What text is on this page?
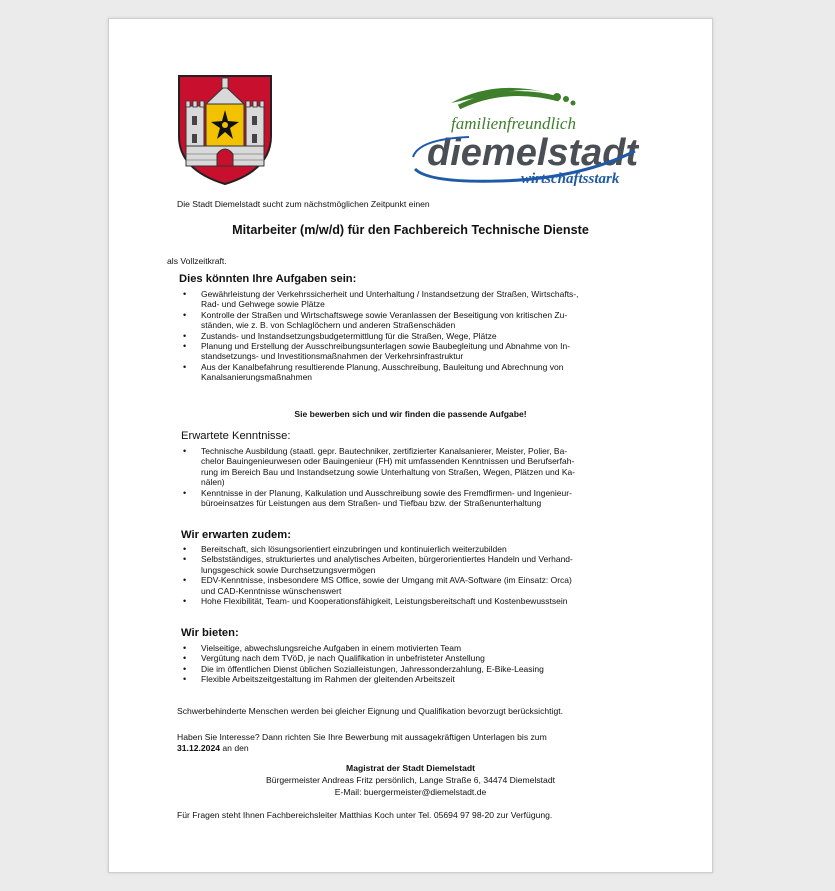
familienfreundlich
diemelstadt
wirtschaftsstark
Die Stadt Diemelstadt sucht zum nächstmöglichen Zeitpunkt einen
Mitarbeiter (m/w/d) für den Fachbereich Technische Dienste
als Vollzeitkraft.
Dies könnten Ihre Aufgaben sein:
• Gewährleistung der Verkehrssicherheit und Unterhaltung / Instandsetzung der Straßen, Wirtschafts-,
Rad- und Gehwege sowie Plätze
• Kontrolle der Straßen und Wirtschaftswege sowie Veranlassen der Beseitigung von kritischen Zu-
ständen, wie z. B. von Schlaglöchern und anderen Straßenschäden
• Zustands- und Instandsetzungsbudgetermittlung für die Straßen, Wege, Plätze
• Planung und Erstellung der Ausschreibungsunterlagen sowie Baubegleitung und Abnahme von In-
standsetzungs- und Investitionsmaßnahmen der Verkehrsinfrastruktur
• Aus der Kanalbefahrung resultierende Planung, Ausschreibung, Bauleitung und Abrechnung von
Kanalsanierungsmaßnahmen
Sie bewerben sich und wir finden die passende Aufgabe!
Erwartete Kenntnisse:
• Technische Ausbildung (staatl. gepr. Bautechniker, zertifizierter Kanalsanierer, Meister, Polier, Ba-
chelor Bauingenieurwesen oder Bauingenieur (FH) mit umfassenden Kenntnissen und Berufserfah-
rung im Bereich Bau und Instandsetzung sowie Unterhaltung von Straßen, Wegen, Plätzen und Ka-
nälen)
• Kenntnisse in der Planung, Kalkulation und Ausschreibung sowie des Fremdfirmen- und Ingenieur-
büroeinsatzes für Leistungen aus dem Straßen- und Tiefbau bzw. der Straßenunterhaltung
Wir erwarten zudem:
• Bereitschaft, sich lösungsorientiert einzubringen und kontinuierlich weiterzubilden
• Selbstständiges, strukturiertes und analytisches Arbeiten, bürgerorientiertes Handeln und Verhand-
lungsgeschick sowie Durchsetzungsvermögen
• EDV-Kenntnisse, insbesondere MS Office, sowie der Umgang mit AVA-Software (im Einsatz: Orca)
und CAD-Kenntnisse wünschenswert
• Hohe Flexibilität, Team- und Kooperationsfähigkeit, Leistungsbereitschaft und Kostenbewusstsein
Wir bieten:
• Vielseitige, abwechslungsreiche Aufgaben in einem motivierten Team
• Vergütung nach dem TVöD, je nach Qualifikation in unbefristeter Anstellung
• Die im öffentlichen Dienst üblichen Sozialleistungen, Jahressonderzahlung, E-Bike-Leasing
• Flexible Arbeitszeitgestaltung im Rahmen der gleitenden Arbeitszeit
Schwerbehinderte Menschen werden bei gleicher Eignung und Qualifikation bevorzugt berücksichtigt.
Haben Sie Interesse? Dann richten Sie Ihre Bewerbung mit aussagekräftigen Unterlagen bis zum
31.12.2024 an den
Magistrat der Stadt Diemelstadt
Bürgermeister Andreas Fritz persönlich, Lange Straße 6, 34474 Diemelstadt
E-Mail: buergermeister@diemelstadt.de
Für Fragen steht Ihnen Fachbereichsleiter Matthias Koch unter Tel. 05694 97 98-20 zur Verfügung.
